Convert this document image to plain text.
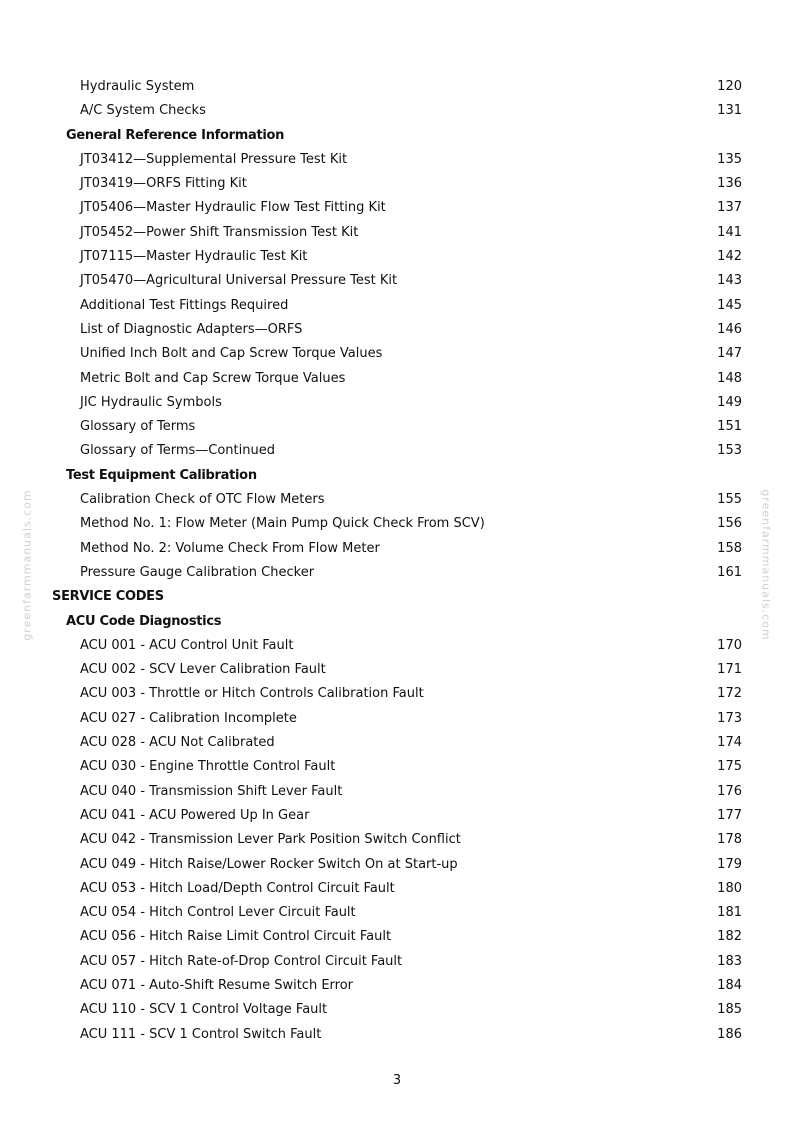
greenfarmmanuals.com	greenfarmmanuals.com
Hydraulic System	120
A/C System Checks	131
General Reference Information
JT03412—Supplemental Pressure Test Kit	135
JT03419—ORFS Fitting Kit	136
JT05406—Master Hydraulic Flow Test Fitting Kit	137
JT05452—Power Shift Transmission Test Kit	141
JT07115—Master Hydraulic Test Kit	142
JT05470—Agricultural Universal Pressure Test Kit	143
Additional Test Fittings Required	145
List of Diagnostic Adapters—ORFS	146
Unified Inch Bolt and Cap Screw Torque Values	147
Metric Bolt and Cap Screw Torque Values	148
JIC Hydraulic Symbols	149
Glossary of Terms	151
Glossary of Terms—Continued	153
Test Equipment Calibration
Calibration Check of OTC Flow Meters	155
Method No. 1: Flow Meter (Main Pump Quick Check From SCV)	156
Method No. 2: Volume Check From Flow Meter	158
Pressure Gauge Calibration Checker	161
SERVICE CODES
ACU Code Diagnostics
ACU 001 - ACU Control Unit Fault	170
ACU 002 - SCV Lever Calibration Fault	171
ACU 003 - Throttle or Hitch Controls Calibration Fault	172
ACU 027 - Calibration Incomplete	173
ACU 028 - ACU Not Calibrated	174
ACU 030 - Engine Throttle Control Fault	175
ACU 040 - Transmission Shift Lever Fault	176
ACU 041 - ACU Powered Up In Gear	177
ACU 042 - Transmission Lever Park Position Switch Conflict	178
ACU 049 - Hitch Raise/Lower Rocker Switch On at Start-up	179
ACU 053 - Hitch Load/Depth Control Circuit Fault	180
ACU 054 - Hitch Control Lever Circuit Fault	181
ACU 056 - Hitch Raise Limit Control Circuit Fault	182
ACU 057 - Hitch Rate-of-Drop Control Circuit Fault	183
ACU 071 - Auto-Shift Resume Switch Error	184
ACU 110 - SCV 1 Control Voltage Fault	185
ACU 111 - SCV 1 Control Switch Fault	186
3
